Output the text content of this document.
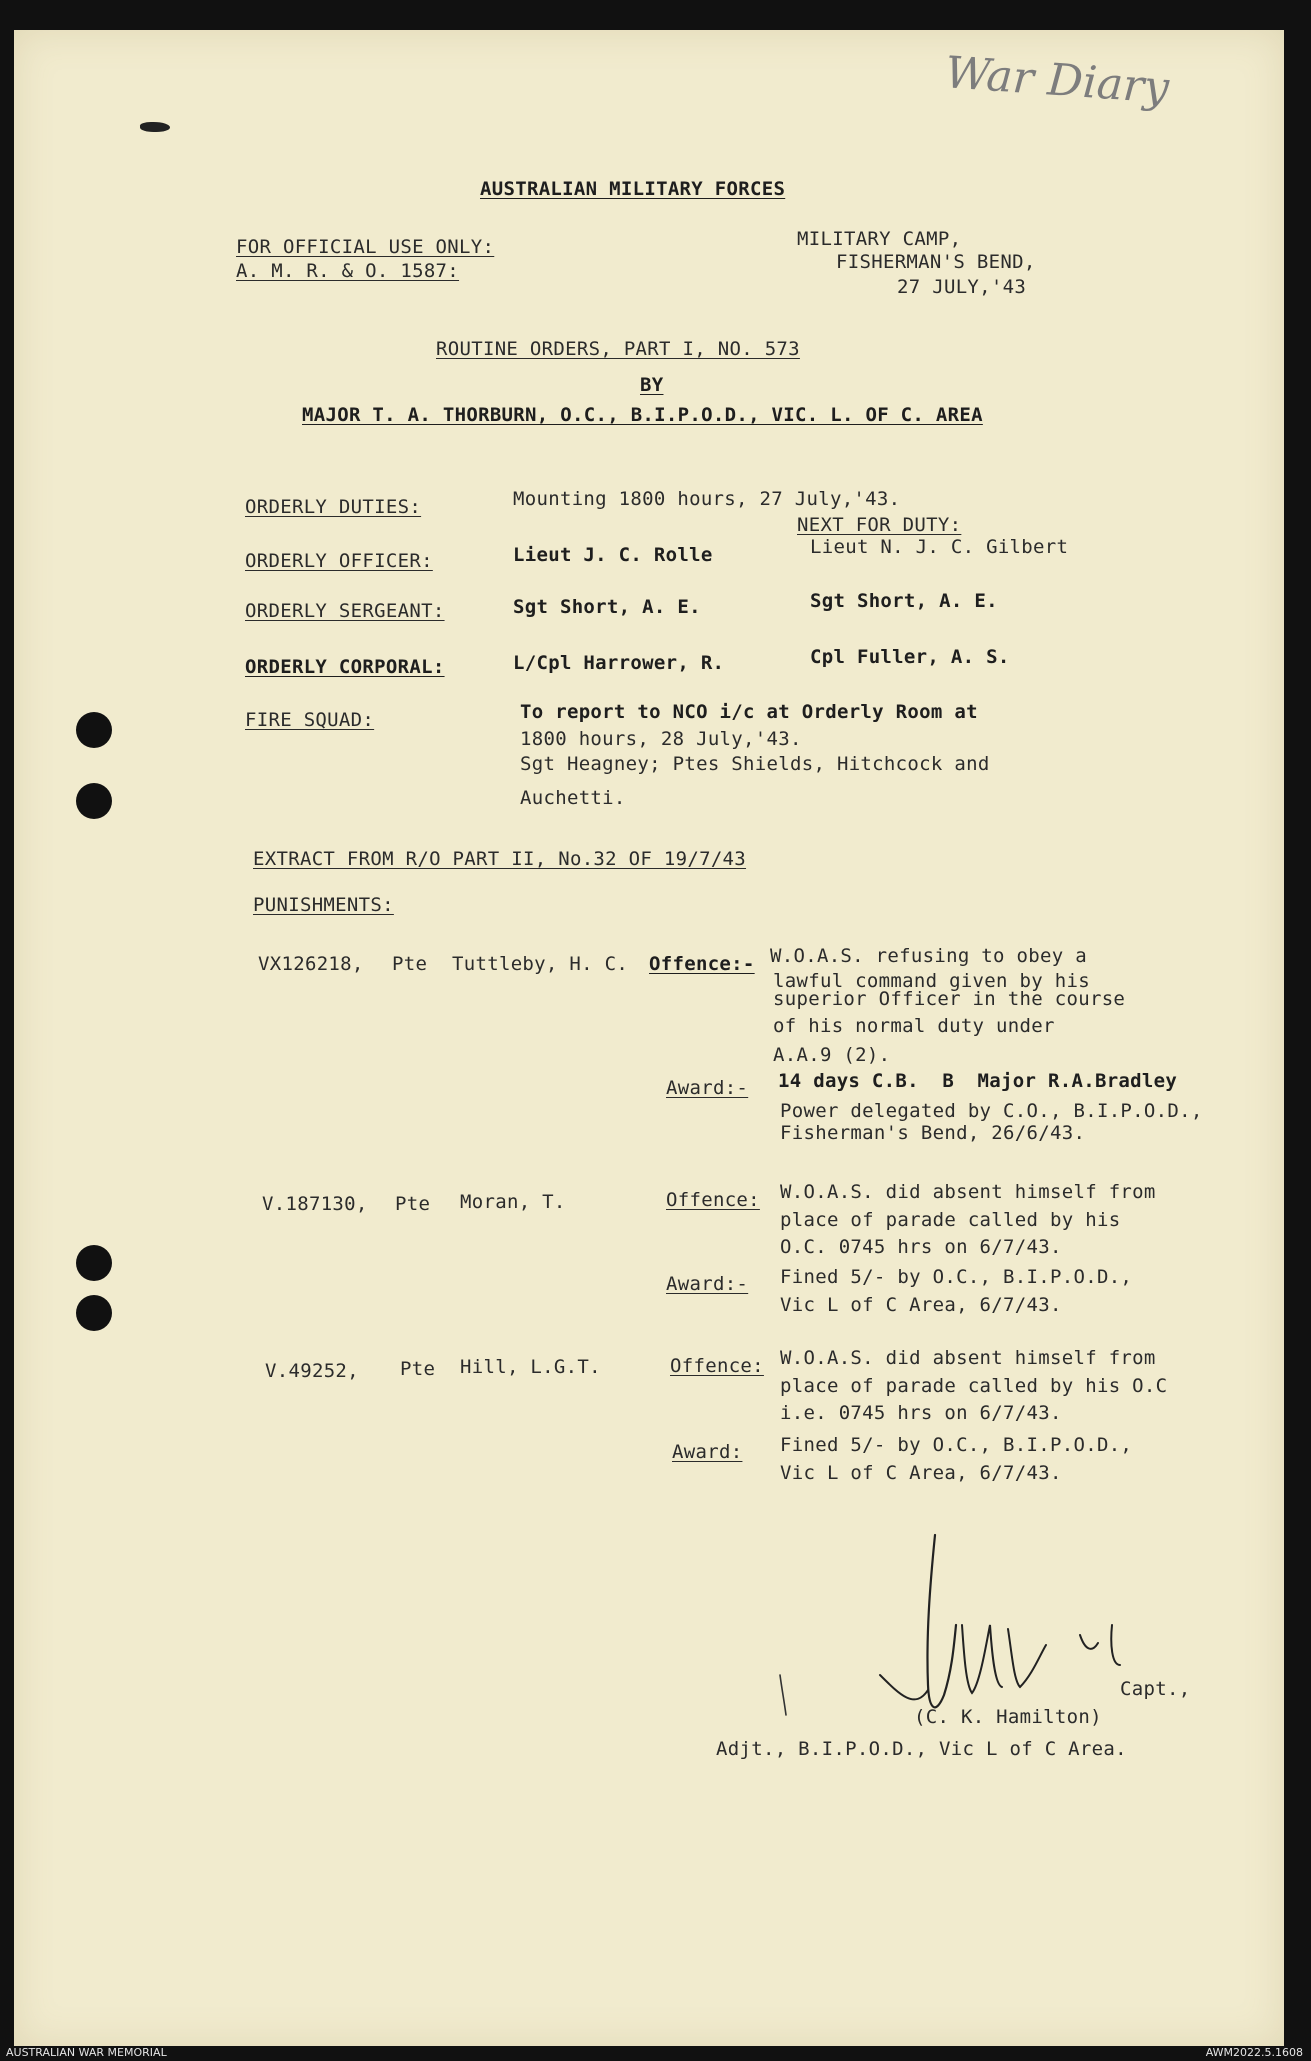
War Diary
AUSTRALIAN MILITARY FORCES
FOR OFFICIAL USE ONLY:
A. M. R. & O. 1587:
MILITARY CAMP,
FISHERMAN'S BEND,
27 JULY,'43
ROUTINE ORDERS, PART I, NO. 573
BY
MAJOR T. A. THORBURN, O.C., B.I.P.O.D., VIC. L. OF C. AREA
ORDERLY DUTIES:	Mounting 1800 hours, 27 July,'43.
NEXT FOR DUTY:
ORDERLY OFFICER:	Lieut J. C. Rolle	Lieut N. J. C. Gilbert
ORDERLY SERGEANT:	Sgt Short, A. E.	Sgt Short, A. E.
ORDERLY CORPORAL:	L/Cpl Harrower, R.	Cpl Fuller, A. S.
FIRE SQUAD:	To report to NCO i/c at Orderly Room at
1800 hours, 28 July,'43.
Sgt Heagney; Ptes Shields, Hitchcock and
Auchetti.
EXTRACT FROM R/O PART II, No.32 OF 19/7/43
PUNISHMENTS:
VX126218, Pte Tuttleby, H. C. Offence:- W.O.A.S. refusing to obey a
lawful command given by his
superior Officer in the course
of his normal duty under
A.A.9 (2).
Award:- 14 days C.B.  B  Major R.A.Bradley
Power delegated by C.O., B.I.P.O.D.,
Fisherman's Bend, 26/6/43.
V.187130, Pte Moran, T.	Offence: W.O.A.S. did absent himself from
place of parade called by his
O.C. 0745 hrs on 6/7/43.
Award:- Fined 5/- by O.C., B.I.P.O.D.,
Vic L of C Area, 6/7/43.
V.49252, Pte Hill, L.G.T.	Offence: W.O.A.S. did absent himself from
place of parade called by his O.C
i.e. 0745 hrs on 6/7/43.
Award: Fined 5/- by O.C., B.I.P.O.D.,
Vic L of C Area, 6/7/43.
Capt.,
(C. K. Hamilton)
Adjt., B.I.P.O.D., Vic L of C Area.
AUSTRALIAN WAR MEMORIAL	AWM2022.5.1608
